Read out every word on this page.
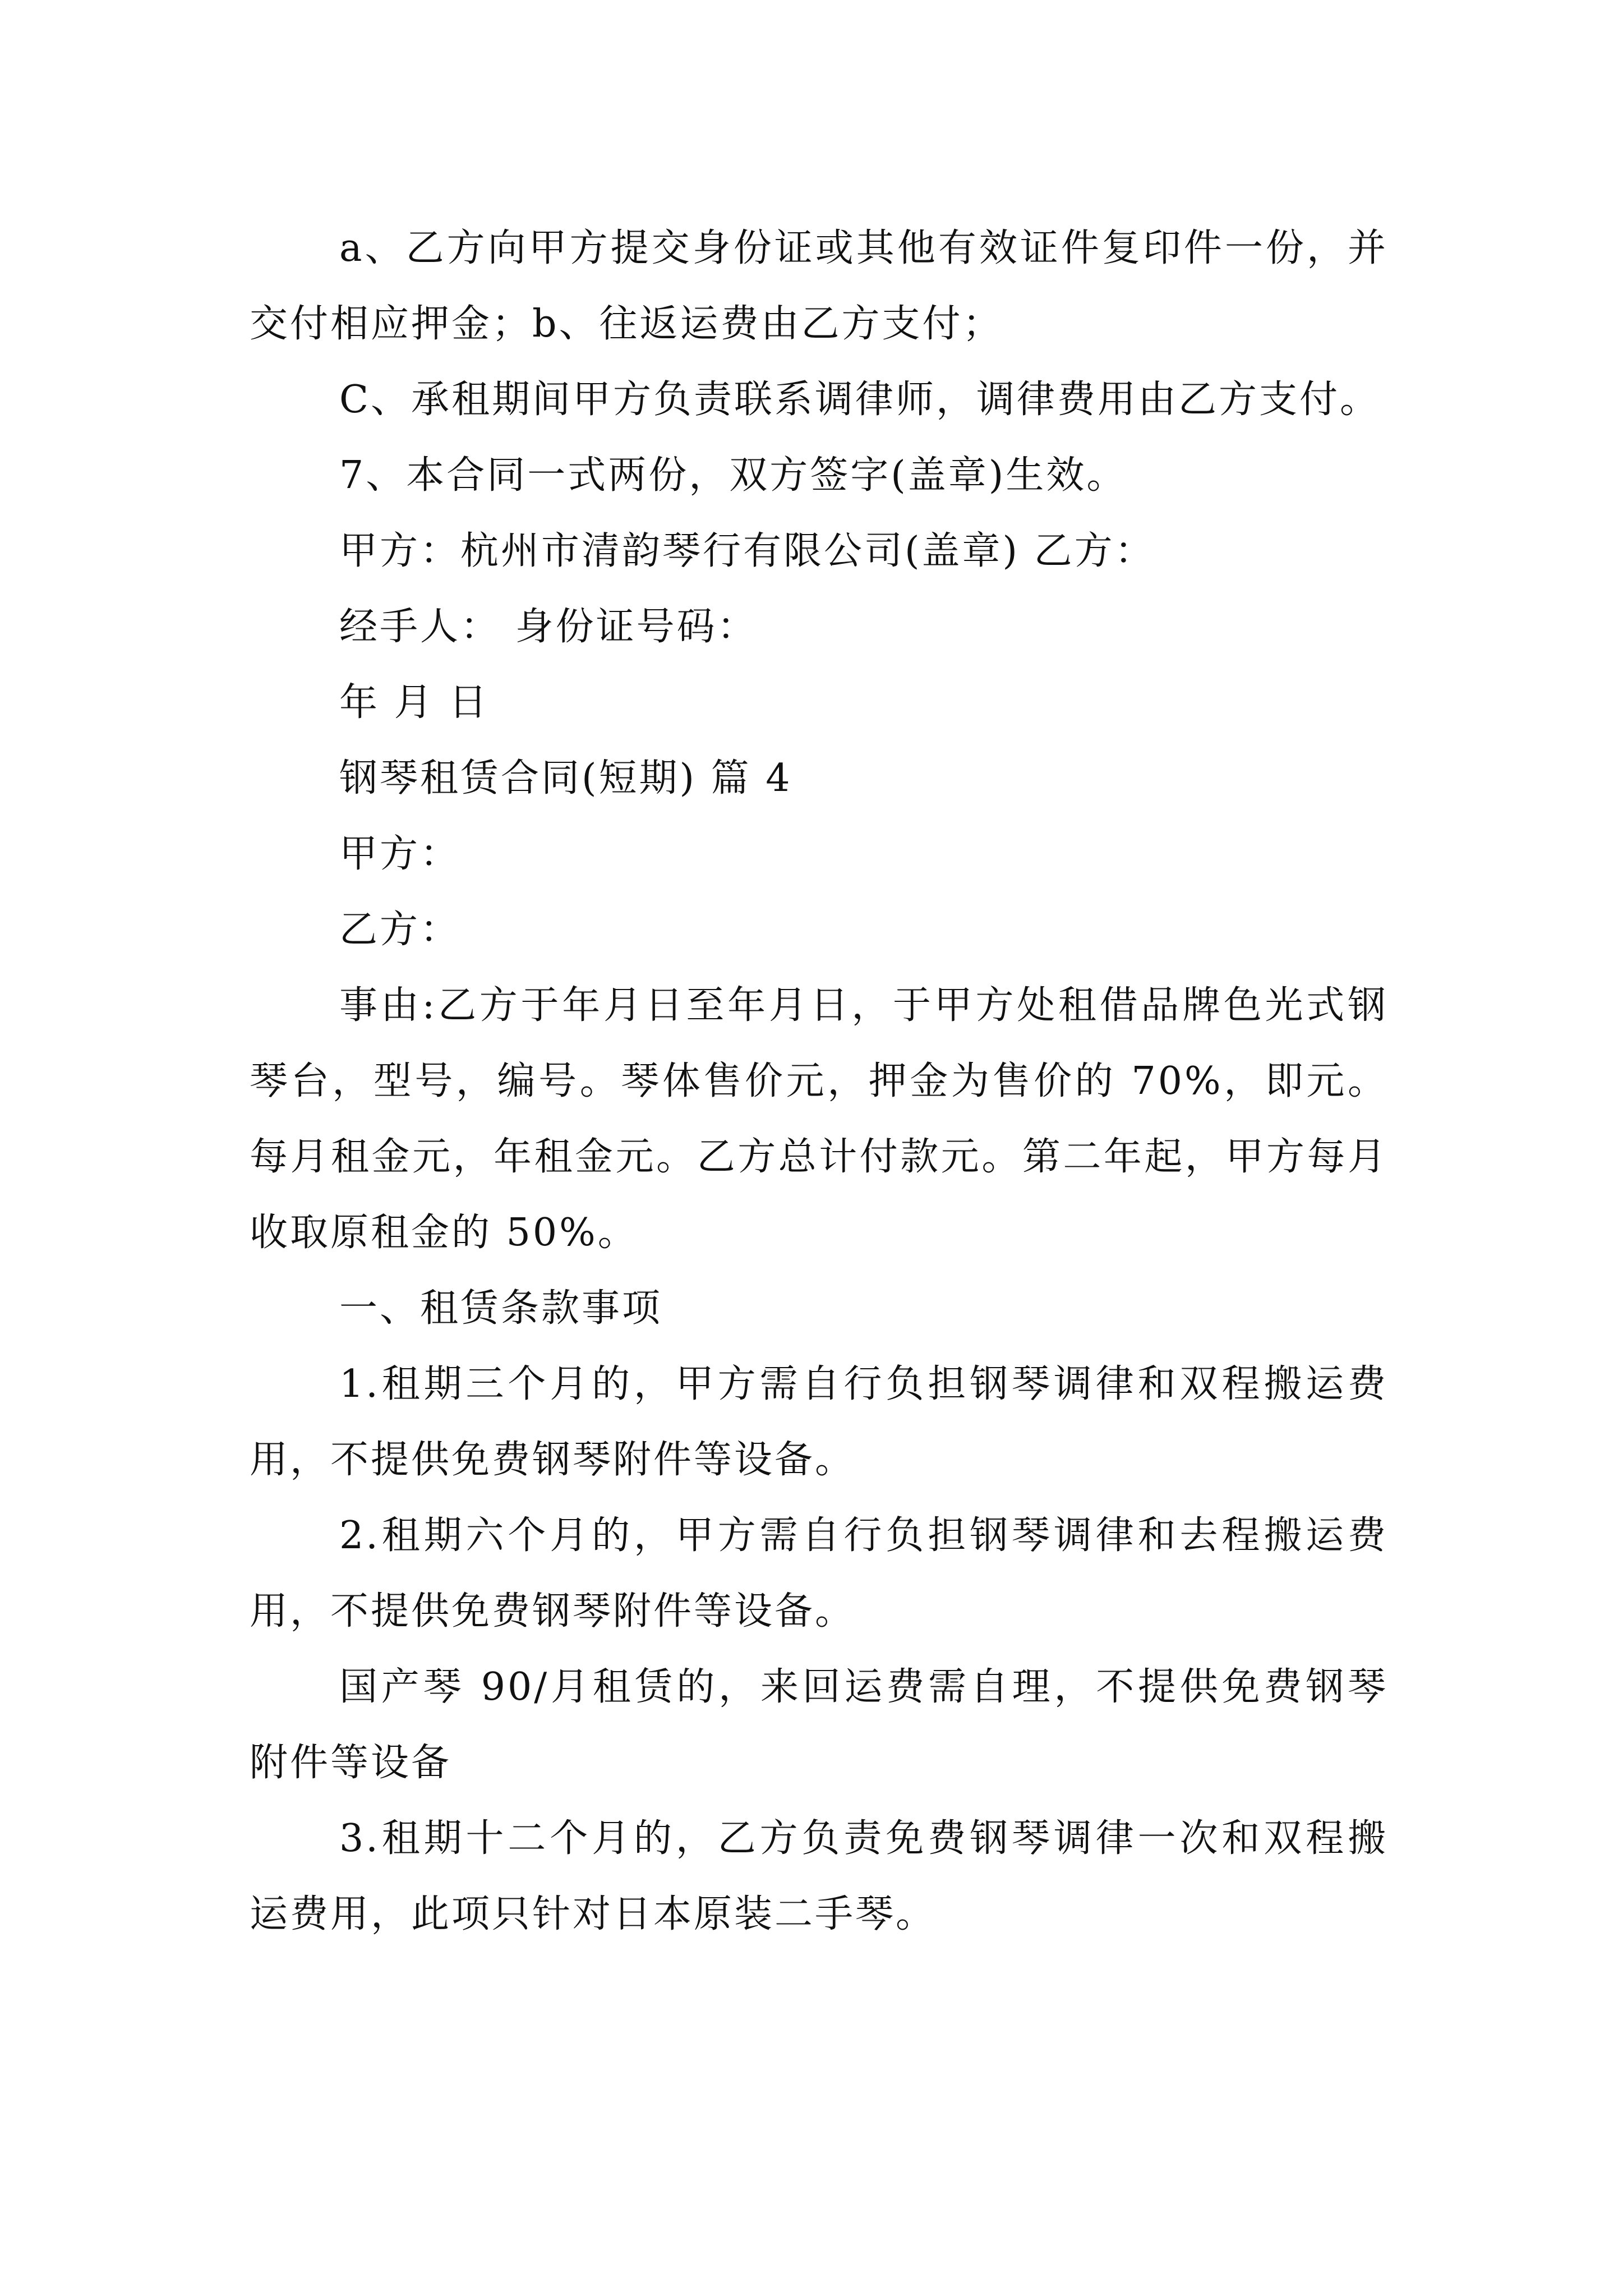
a、乙方向甲方提交身份证或其他有效证件复印件一份，并交付相应押金；b、往返运费由乙方支付；

C、承租期间甲方负责联系调律师，调律费用由乙方支付。

7、本合同一式两份，双方签字(盖章)生效。

甲方：杭州市清韵琴行有限公司(盖章) 乙方：

经手人： 身份证号码：

年 月 日

钢琴租赁合同(短期) 篇 4

甲方：

乙方：

事由:乙方于年月日至年月日，于甲方处租借品牌色光式钢琴台，型号，编号。琴体售价元，押金为售价的 70%，即元。每月租金元，年租金元。乙方总计付款元。第二年起，甲方每月收取原租金的 50%。

一、租赁条款事项

1.租期三个月的，甲方需自行负担钢琴调律和双程搬运费用，不提供免费钢琴附件等设备。

2.租期六个月的，甲方需自行负担钢琴调律和去程搬运费用，不提供免费钢琴附件等设备。

国产琴 90/月租赁的，来回运费需自理，不提供免费钢琴附件等设备

3.租期十二个月的，乙方负责免费钢琴调律一次和双程搬运费用，此项只针对日本原装二手琴。
